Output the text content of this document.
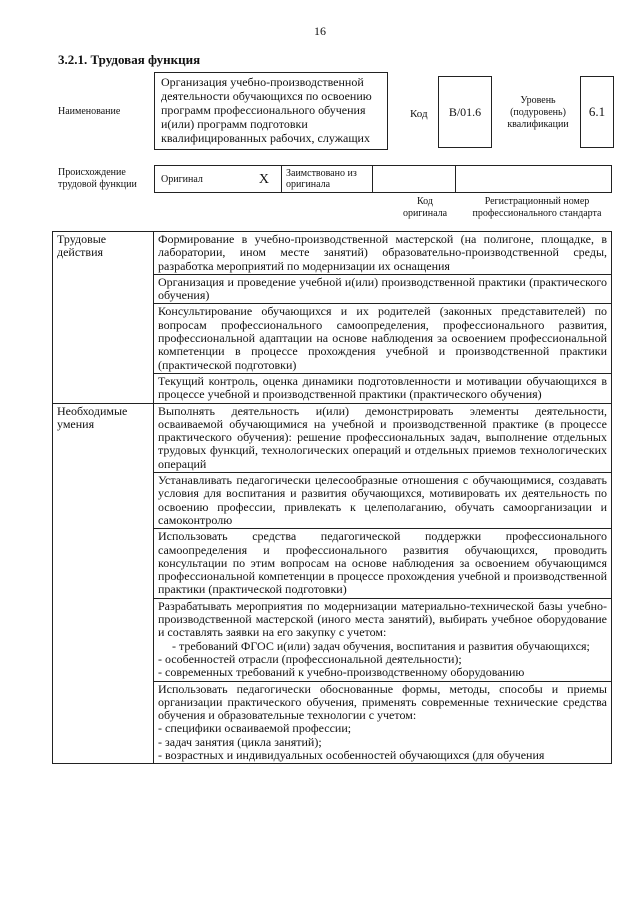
16
3.2.1. Трудовая функция
Наименование
Организация учебно-производственной деятельности обучающихся по освоению программ профессионального обучения и(или) программ подготовки квалифицированных рабочих, служащих
Код В/01.6
Уровень
(подуровень)
квалификации
6.1
Происхождение
трудовой функции Оригинал	X	Заимствовано из оригинала
Код
оригинала
Регистрационный номер
профессионального стандарта
Трудовые действия	Формирование в учебно-производственной мастерской (на полигоне, площадке, в лаборатории, ином месте занятий) образовательно-производственной среды, разработка мероприятий по модернизации их оснащения
	Организация и проведение учебной и(или) производственной практики (практического обучения)
	Консультирование обучающихся и их родителей (законных представителей) по вопросам профессионального самоопределения, профессионального развития, профессиональной адаптации на основе наблюдения за освоением профессиональной компетенции в процессе прохождения учебной и производственной практики (практической подготовки)
	Текущий контроль, оценка динамики подготовленности и мотивации обучающихся в процессе учебной и производственной практики (практического обучения)
Необходимые умения	Выполнять деятельность и(или) демонстрировать элементы деятельности, осваиваемой обучающимися на учебной и производственной практике (в процессе практического обучения): решение профессиональных задач, выполнение отдельных трудовых функций, технологических операций и отдельных приемов технологических операций
	Устанавливать педагогически целесообразные отношения с обучающимися, создавать условия для воспитания и развития обучающихся, мотивировать их деятельность по освоению профессии, привлекать к целеполаганию, обучать самоорганизации и самоконтролю
	Использовать средства педагогической поддержки профессионального самоопределения и профессионального развития обучающихся, проводить консультации по этим вопросам на основе наблюдения за освоением обучающимся профессиональной компетенции в процессе прохождения учебной и производственной практики (практической подготовки)

	Разрабатывать мероприятия по модернизации материально-технической базы учебно-производственной мастерской (иного места занятий), выбирать учебное оборудование и составлять заявки на его закупку с учетом:
- требований ФГОС и(или) задач обучения, воспитания и развития обучающихся;
- особенностей отрасли (профессиональной деятельности);
- современных требований к учебно-производственному оборудованию

	Использовать педагогически обоснованные формы, методы, способы и приемы организации практического обучения, применять современные технические средства обучения и образовательные технологии с учетом:
- специфики осваиваемой профессии;
- задач занятия (цикла занятий);
- возрастных и индивидуальных особенностей обучающихся (для обучения
